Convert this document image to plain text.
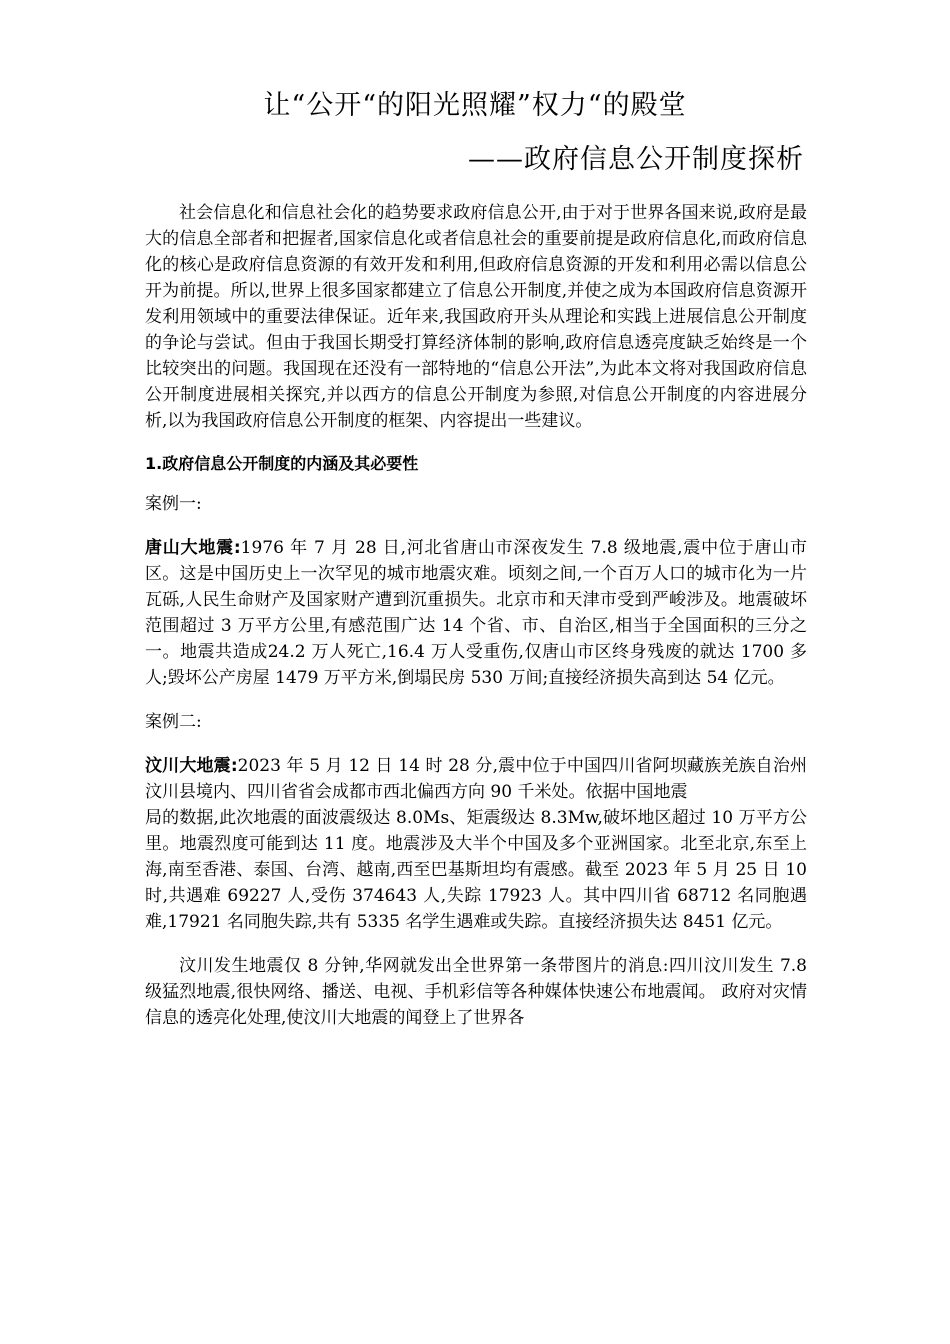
让“公开“的阳光照耀”权力“的殿堂
——政府信息公开制度探析

社会信息化和信息社会化的趋势要求政府信息公开,由于对于世界各国来说,政府是最大的信息全部者和把握者,国家信息化或者信息社会的重要前提是政府信息化,而政府信息化的核心是政府信息资源的有效开发和利用,但政府信息资源的开发和利用必需以信息公开为前提。所以,世界上很多国家都建立了信息公开制度,并使之成为本国政府信息资源开发利用领域中的重要法律保证。近年来,我国政府开头从理论和实践上进展信息公开制度的争论与尝试。但由于我国长期受打算经济体制的影响,政府信息透亮度缺乏始终是一个比较突出的问题。我国现在还没有一部特地的“信息公开法”,为此本文将对我国政府信息公开制度进展相关探究,并以西方的信息公开制度为参照,对信息公开制度的内容进展分析,以为我国政府信息公开制度的框架、内容提出一些建议。

1.政府信息公开制度的内涵及其必要性

案例一:

唐山大地震:1976 年 7 月 28 日,河北省唐山市深夜发生 7.8 级地震,震中位于唐山市区。这是中国历史上一次罕见的城市地震灾难。顷刻之间,一个百万人口的城市化为一片瓦砾,人民生命财产及国家财产遭到沉重损失。北京市和天津市受到严峻涉及。地震破坏范围超过 3 万平方公里,有感范围广达 14 个省、市、自治区,相当于全国面积的三分之一。地震共造成24.2 万人死亡,16.4 万人受重伤,仅唐山市区终身残废的就达 1700 多人;毁坏公产房屋 1479 万平方米,倒塌民房 530 万间;直接经济损失高到达 54 亿元。

案例二:

汶川大地震:2023 年 5 月 12 日 14 时 28 分,震中位于中国四川省阿坝藏族羌族自治州汶川县境内、四川省省会成都市西北偏西方向 90 千米处。依据中国地震
局的数据,此次地震的面波震级达 8.0Ms、矩震级达 8.3Mw,破坏地区超过 10 万平方公里。地震烈度可能到达 11 度。地震涉及大半个中国及多个亚洲国家。北至北京,东至上海,南至香港、泰国、台湾、越南,西至巴基斯坦均有震感。截至 2023 年 5 月 25 日 10 时,共遇难 69227 人,受伤 374643 人,失踪 17923 人。其中四川省 68712 名同胞遇难,17921 名同胞失踪,共有 5335 名学生遇难或失踪。直接经济损失达 8451 亿元。

汶川发生地震仅 8 分钟,华网就发出全世界第一条带图片的消息:四川汶川发生 7.8 级猛烈地震,很快网络、播送、电视、手机彩信等各种媒体快速公布地震闻。 政府对灾情信息的透亮化处理,使汶川大地震的闻登上了世界各
